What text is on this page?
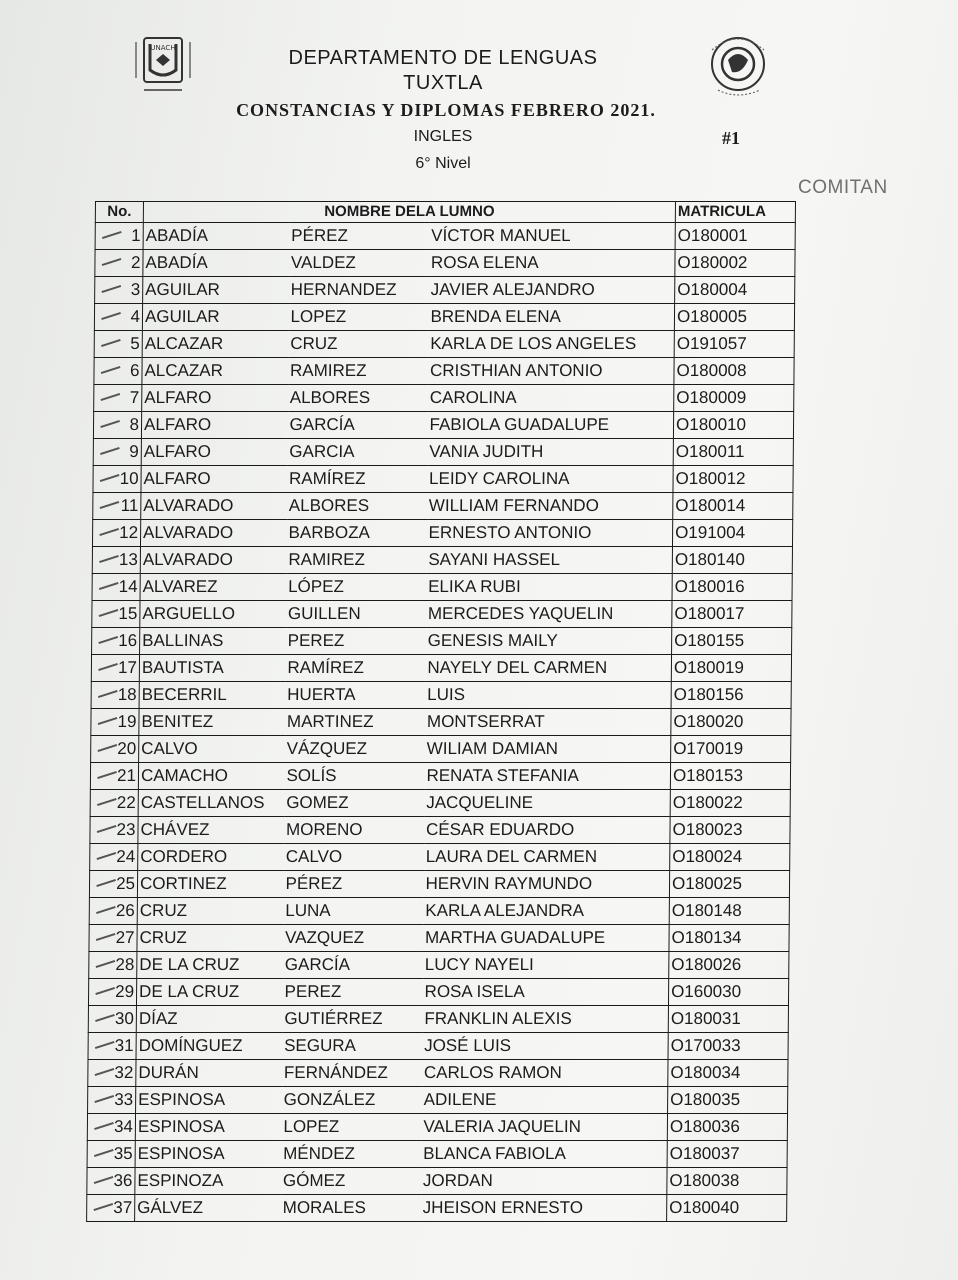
UNACH	DEPARTAMENTO DE LENGUAS
TUXTLA
CONSTANCIAS Y DIPLOMAS FEBRERO 2021.
INGLES
6° Nivel
#1
COMITAN
No.	NOMBRE DELA LUMNO			MATRICULA

1	ABADÍA	PÉREZ	VÍCTOR MANUEL	O180001

2	ABADÍA	VALDEZ	ROSA ELENA	O180002

3	AGUILAR	HERNANDEZ	JAVIER ALEJANDRO	O180004

4	AGUILAR	LOPEZ	BRENDA ELENA	O180005

5	ALCAZAR	CRUZ	KARLA DE LOS ANGELES	O191057

6	ALCAZAR	RAMIREZ	CRISTHIAN ANTONIO	O180008

7	ALFARO	ALBORES	CAROLINA	O180009

8	ALFARO	GARCÍA	FABIOLA GUADALUPE	O180010

9	ALFARO	GARCIA	VANIA JUDITH	O180011

10	ALFARO	RAMÍREZ	LEIDY CAROLINA	O180012

11	ALVARADO	ALBORES	WILLIAM FERNANDO	O180014

12	ALVARADO	BARBOZA	ERNESTO ANTONIO	O191004

13	ALVARADO	RAMIREZ	SAYANI HASSEL	O180140

14	ALVAREZ	LÓPEZ	ELIKA RUBI	O180016

15	ARGUELLO	GUILLEN	MERCEDES YAQUELIN	O180017

16	BALLINAS	PEREZ	GENESIS MAILY	O180155

17	BAUTISTA	RAMÍREZ	NAYELY DEL CARMEN	O180019

18	BECERRIL	HUERTA	LUIS	O180156

19	BENITEZ	MARTINEZ	MONTSERRAT	O180020

20	CALVO	VÁZQUEZ	WILIAM DAMIAN	O170019

21	CAMACHO	SOLÍS	RENATA STEFANIA	O180153

22	CASTELLANOS	GOMEZ	JACQUELINE	O180022

23	CHÁVEZ	MORENO	CÉSAR EDUARDO	O180023

24	CORDERO	CALVO	LAURA DEL CARMEN	O180024

25	CORTINEZ	PÉREZ	HERVIN RAYMUNDO	O180025

26	CRUZ	LUNA	KARLA ALEJANDRA	O180148

27	CRUZ	VAZQUEZ	MARTHA GUADALUPE	O180134

28	DE LA CRUZ	GARCÍA	LUCY NAYELI	O180026

29	DE LA CRUZ	PEREZ	ROSA ISELA	O160030

30	DÍAZ	GUTIÉRREZ	FRANKLIN ALEXIS	O180031

31	DOMÍNGUEZ	SEGURA	JOSÉ LUIS	O170033

32	DURÁN	FERNÁNDEZ	CARLOS RAMON	O180034

33	ESPINOSA	GONZÁLEZ	ADILENE	O180035

34	ESPINOSA	LOPEZ	VALERIA JAQUELIN	O180036

35	ESPINOSA	MÉNDEZ	BLANCA FABIOLA	O180037

36	ESPINOZA	GÓMEZ	JORDAN	O180038

37	GÁLVEZ	MORALES	JHEISON ERNESTO	O180040
